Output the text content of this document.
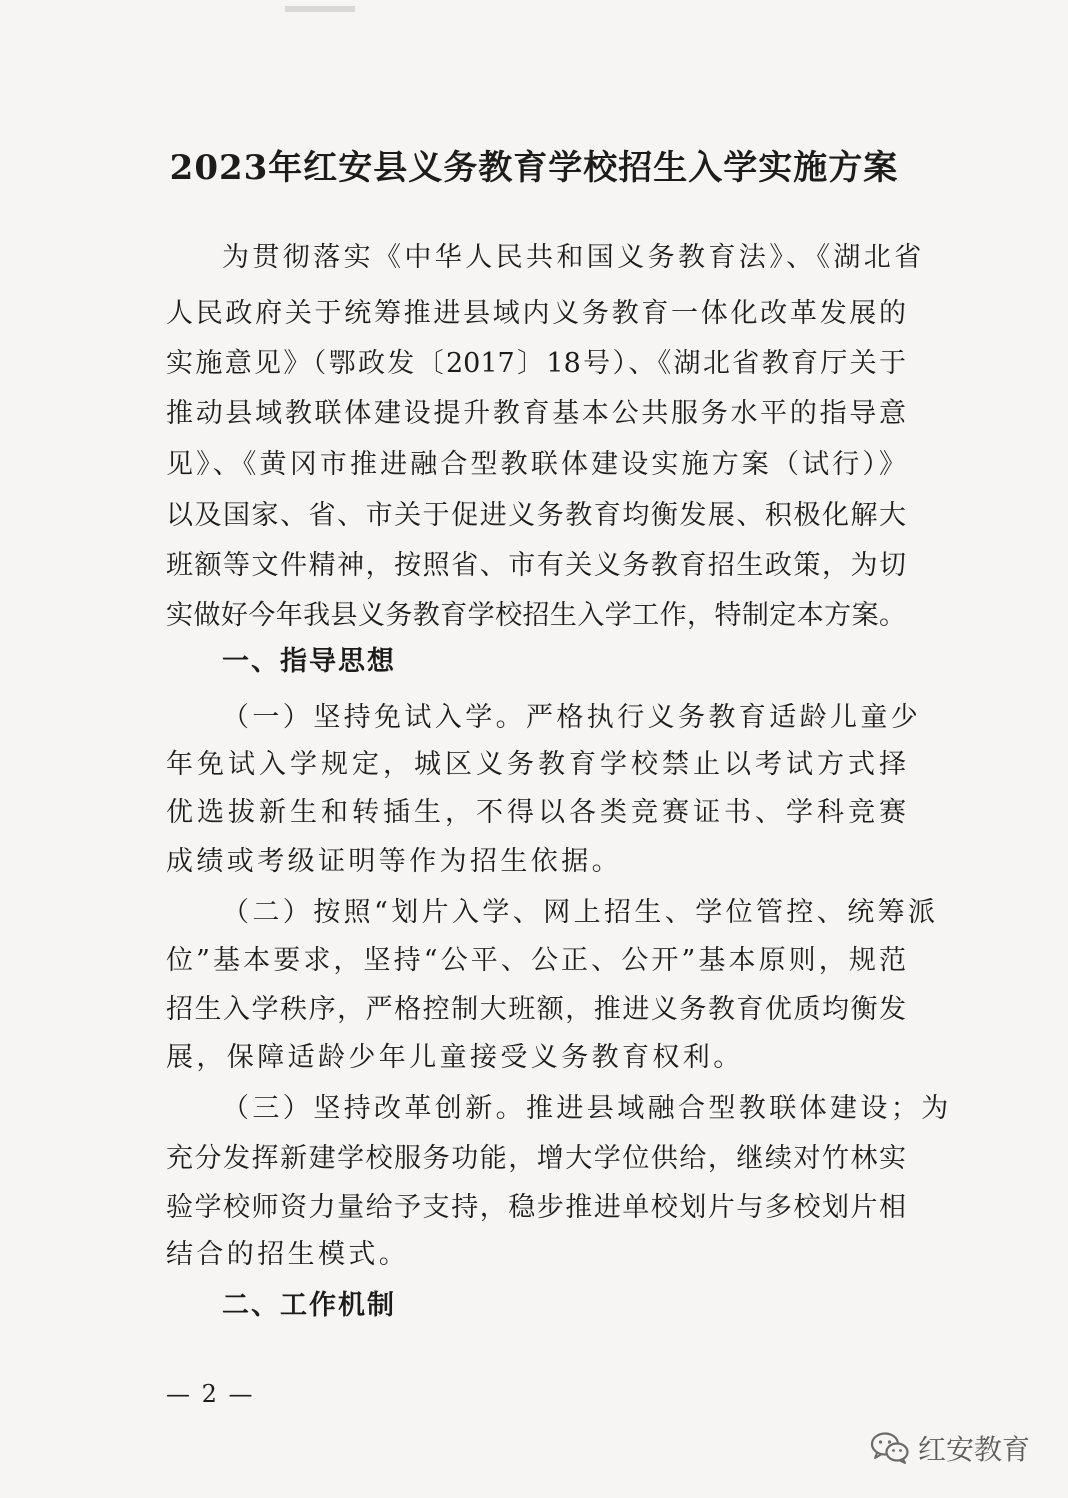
2023年红安县义务教育学校招生入学实施方案
为贯彻落实《中华人民共和国义务教育法》、《湖北省
人民政府关于统筹推进县域内义务教育一体化改革发展的
实施意见》（鄂政发〔2017〕18号）、《湖北省教育厅关于
推动县域教联体建设提升教育基本公共服务水平的指导意
见》、《黄冈市推进融合型教联体建设实施方案（试行）》
以及国家、省、市关于促进义务教育均衡发展、积极化解大
班额等文件精神，按照省、市有关义务教育招生政策，为切
实做好今年我县义务教育学校招生入学工作，特制定本方案。
（一）坚持免试入学。严格执行义务教育适龄儿童少
年免试入学规定，城区义务教育学校禁止以考试方式择
优选拔新生和转插生，不得以各类竞赛证书、学科竞赛
成绩或考级证明等作为招生依据。
（二）按照“划片入学、网上招生、学位管控、统筹派
位”基本要求，坚持“公平、公正、公开”基本原则，规范
招生入学秩序，严格控制大班额，推进义务教育优质均衡发
展，保障适龄少年儿童接受义务教育权利。
（三）坚持改革创新。推进县域融合型教联体建设；为
充分发挥新建学校服务功能，增大学位供给，继续对竹林实
验学校师资力量给予支持，稳步推进单校划片与多校划片相
结合的招生模式。
一、指导思想
二、工作机制
— 2 —
红安教育
